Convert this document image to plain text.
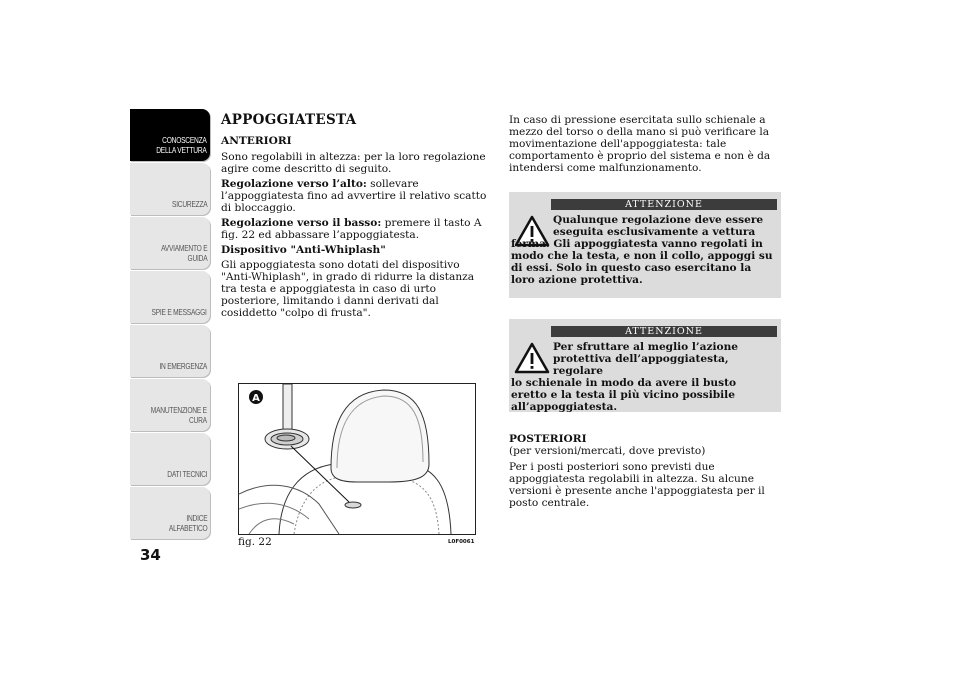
CONOSCENZA
DELLA VETTURA
SICUREZZA
AVVIAMENTO E
GUIDA
SPIE E MESSAGGI
IN EMERGENZA
MANUTENZIONE E
CURA
DATI TECNICI
INDICE
ALFABETICO
34
APPOGGIATESTA
ANTERIORI

Sono regolabili in altezza: per la loro regolazione agire come descritto di seguito.

Regolazione verso l’alto: sollevare l’appoggiatesta fino ad avvertire il relativo scatto di bloccaggio.

Regolazione verso il basso: premere il tasto A fig. 22 ed abbassare l’appoggiatesta.

Dispositivo "Anti-Whiplash"

Gli appoggiatesta sono dotati del dispositivo "Anti-Whiplash", in grado di ridurre la distanza tra testa e appoggiatesta in caso di urto posteriore, limitando i danni derivati dal cosiddetto "colpo di frusta".

A
fig. 22	L0F0061

In caso di pressione esercitata sullo schienale a mezzo del torso o della mano si può verificare la movimentazione dell'appoggiatesta: tale comportamento è proprio del sistema e non è da intendersi come malfunzionamento.

ATTENZIONE
Qualunque regolazione deve essere eseguita esclusivamente a vettura
ferma. Gli appoggiatesta vanno regolati in modo che la testa, e non il collo, appoggi su di essi. Solo in questo caso esercitano la loro azione protettiva.
ATTENZIONE
Per sfruttare al meglio l’azione protettiva dell’appoggiatesta, regolare
lo schienale in modo da avere il busto eretto e la testa il più vicino possibile all’appoggiatesta.

POSTERIORI

(per versioni/mercati, dove previsto)

Per i posti posteriori sono previsti due appoggiatesta regolabili in altezza. Su alcune versioni è presente anche l'appoggiatesta per il posto centrale.
